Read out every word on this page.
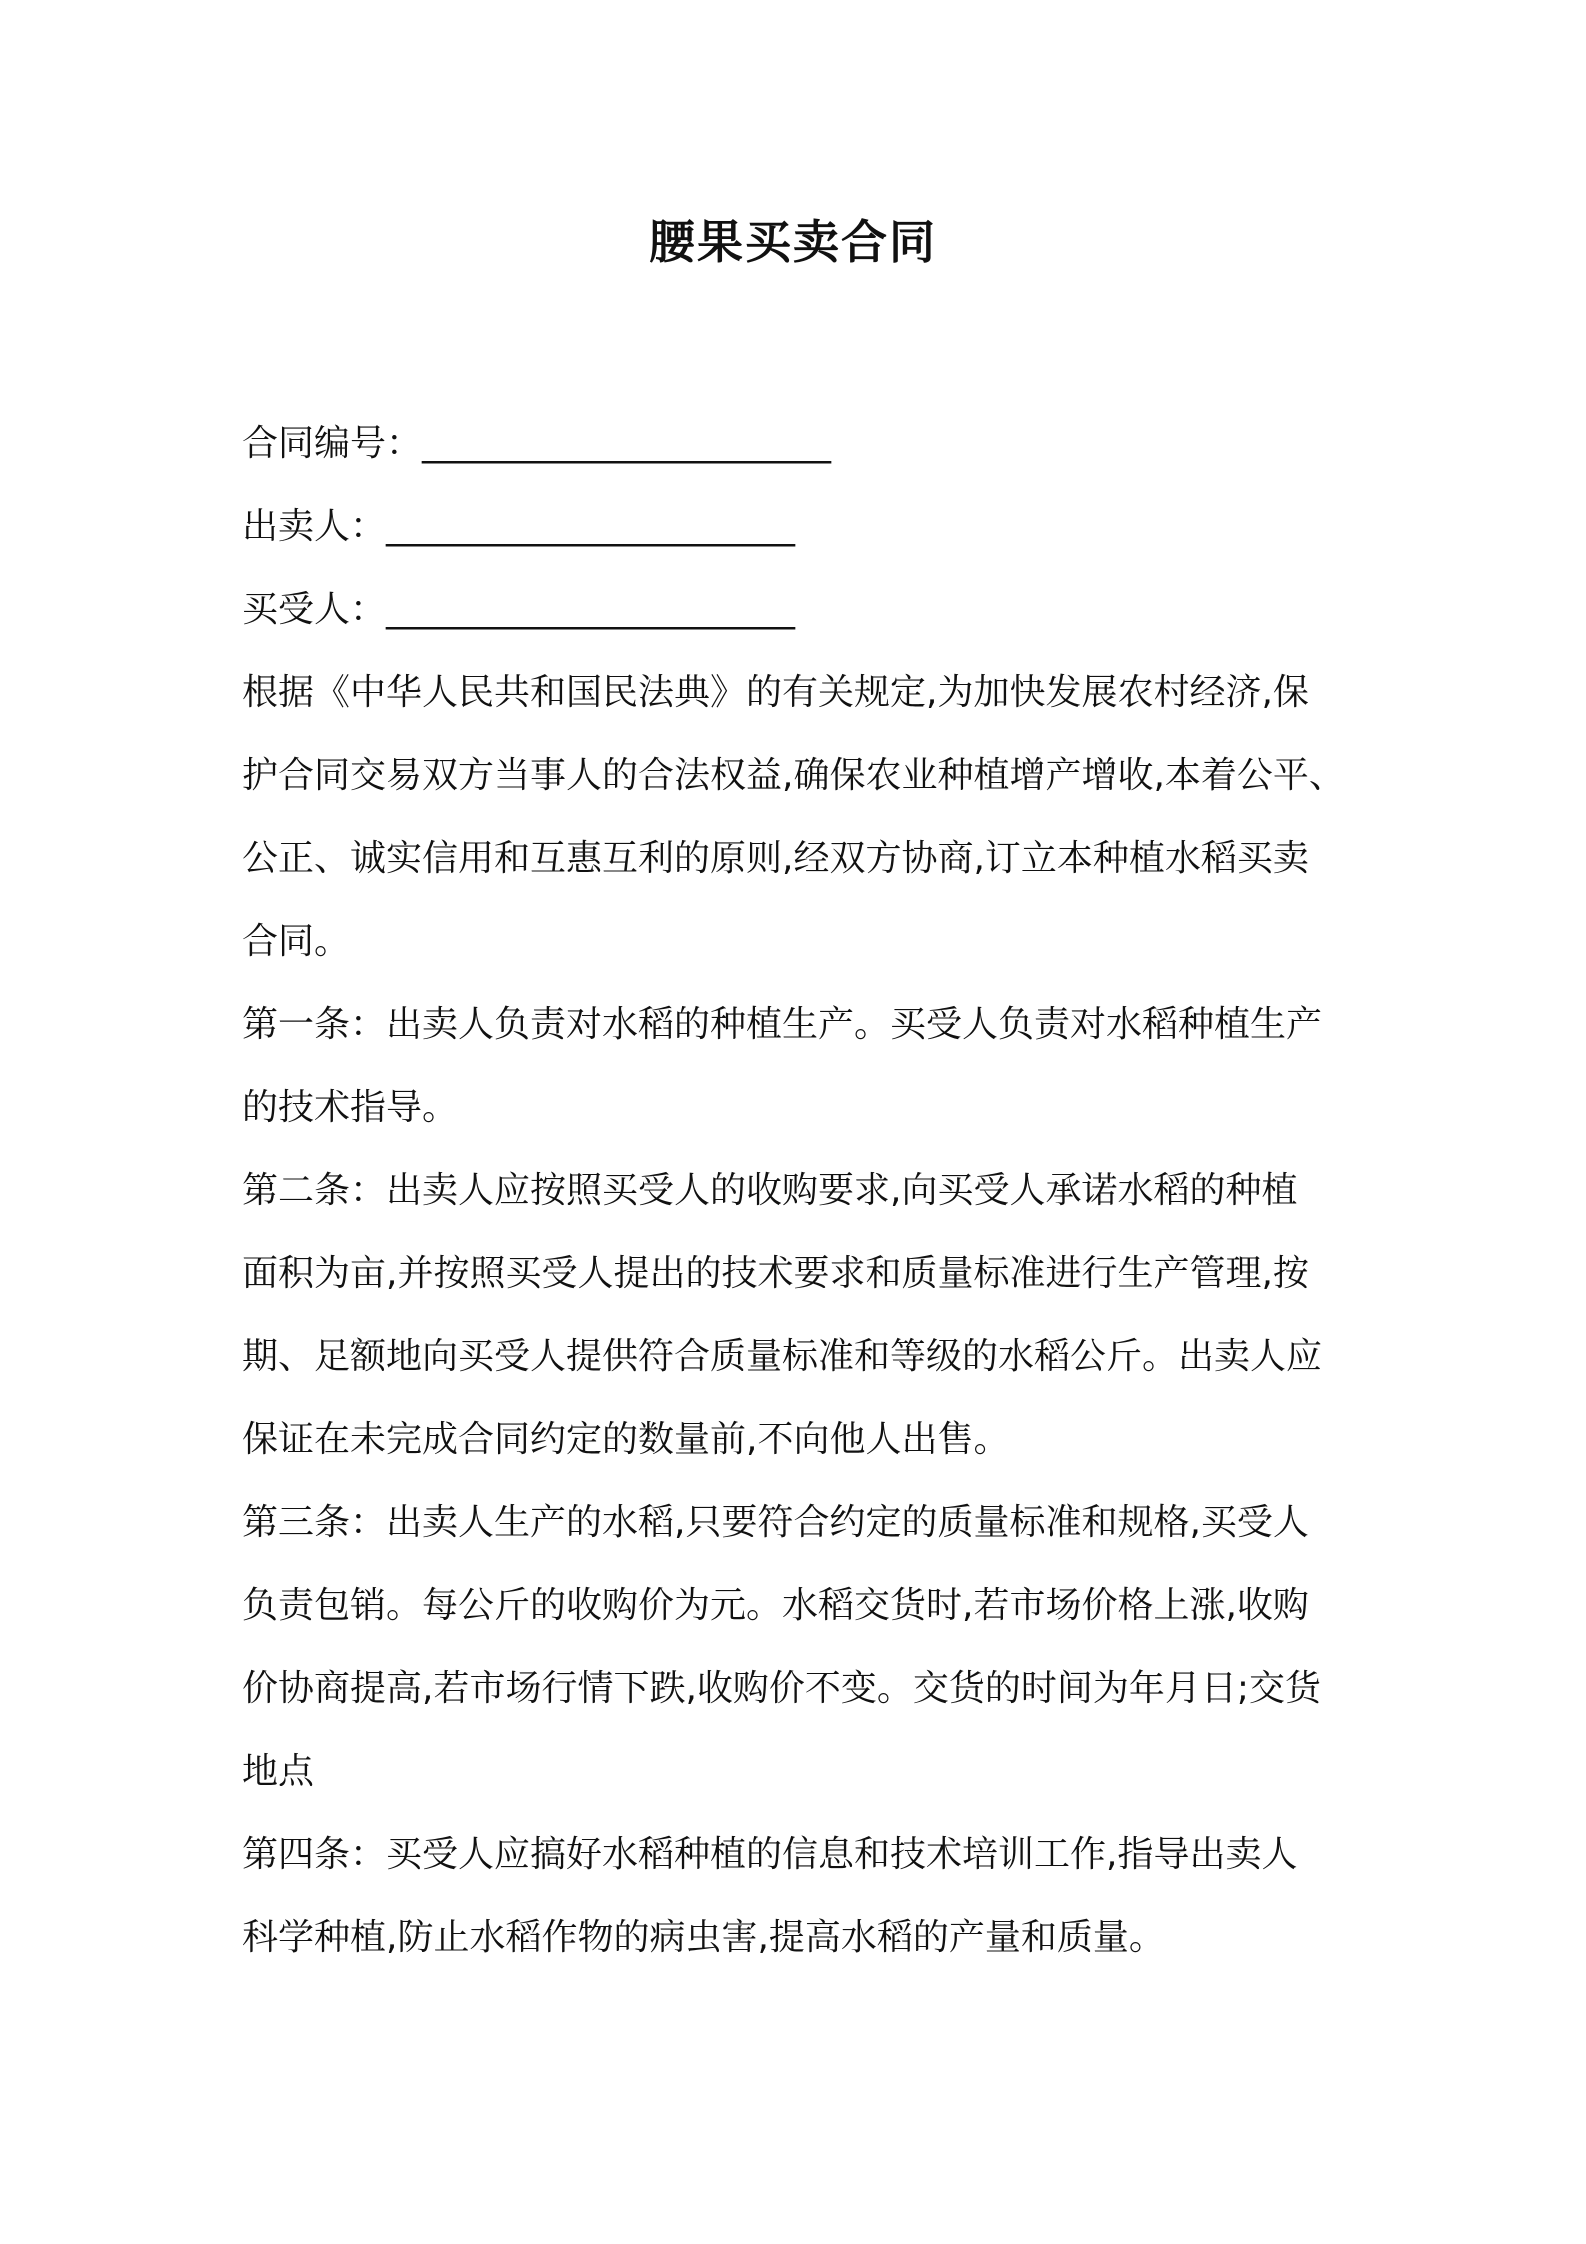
腰果买卖合同
合同编号：________________________
出卖人：________________________
买受人：________________________
根据《中华人民共和国民法典》的有关规定,为加快发展农村经济,保
护合同交易双方当事人的合法权益,确保农业种植增产增收,本着公平、
公正、诚实信用和互惠互利的原则,经双方协商,订立本种植水稻买卖
合同。
第一条：出卖人负责对水稻的种植生产。买受人负责对水稻种植生产
的技术指导。
第二条：出卖人应按照买受人的收购要求,向买受人承诺水稻的种植
面积为亩,并按照买受人提出的技术要求和质量标准进行生产管理,按
期、足额地向买受人提供符合质量标准和等级的水稻公斤。出卖人应
保证在未完成合同约定的数量前,不向他人出售。
第三条：出卖人生产的水稻,只要符合约定的质量标准和规格,买受人
负责包销。每公斤的收购价为元。水稻交货时,若市场价格上涨,收购
价协商提高,若市场行情下跌,收购价不变。交货的时间为年月日;交货
地点
第四条：买受人应搞好水稻种植的信息和技术培训工作,指导出卖人
科学种植,防止水稻作物的病虫害,提高水稻的产量和质量。
